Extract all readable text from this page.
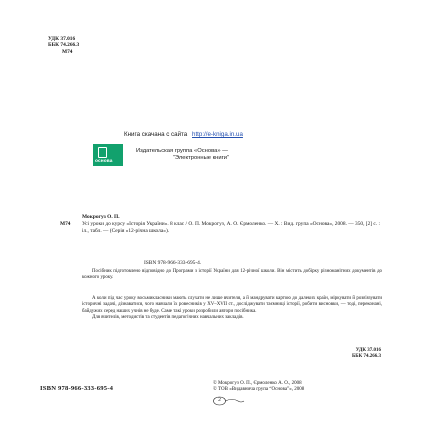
УДК 37.016
ББК 74.266.3
М74
Книга скачана с сайта http://e-kniga.in.ua
основа
Издательская группа «Основа» —
“Электронные книги”
М74
Мокрогуз О. П.
Усі уроки до курсу «Історія України». 8 клас / О. П. Мокрогуз, А. О. Єрмоленко. — Х. : Вид. група «Основа», 2008. — 350, [2] с. : іл., табл. — (Серія «12-річна школа»).
ISBN 978-966-333-695-4.

Посібник підготовлено відповідно до Програми з історії України для 12-річної школи. Він містить добірку різноманітних документів до кожного уроку.

А коли під час уроку восьмикласники мають слухати не лише вчителя, а й мандрувати картою до далеких країн, міркувати й розв'язувати історичні задачі, дізнаватися, чого навчали їх ровесників у XV–XVII ст., досліджувати таємниці історії, робити висновки, — тоді, переконані, байдужих серед наших учнів не буде. Саме такі уроки розробили автори посібника.

Для вчителів, методистів та студентів педагогічних навчальних закладів.

УДК 37.016
ББК 74.266.3
ISBN 978-966-333-695-4
© Мокрогуз О. П., Єрмоленко А. О., 2008
© ТОВ «Видавнича група “Основа”», 2008
2
